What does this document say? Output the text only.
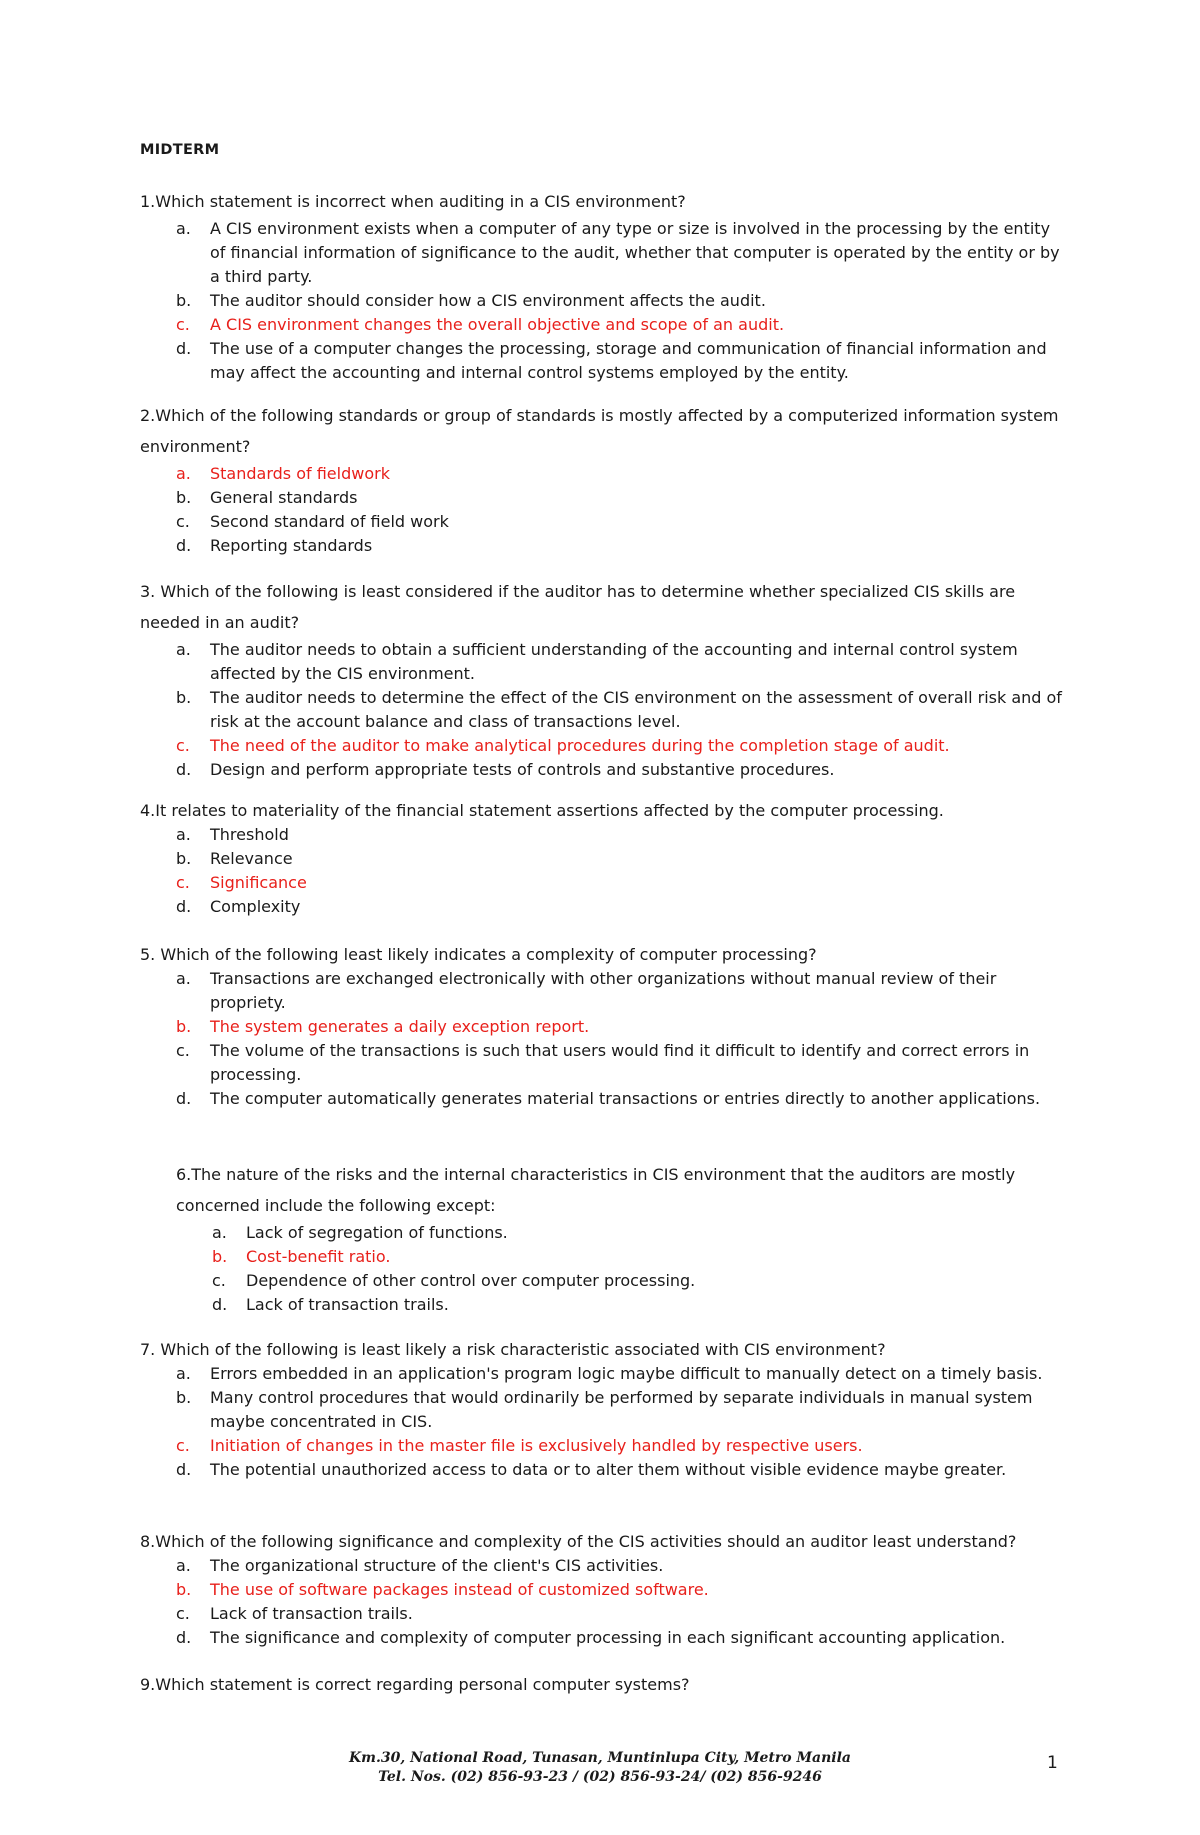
MIDTERM

1.Which statement is incorrect when auditing in a CIS environment?

a. A CIS environment exists when a computer of any type or size is involved in the processing by the entity of financial information of significance to the audit, whether that computer is operated by the entity or by a third party.
b. The auditor should consider how a CIS environment affects the audit.
c. A CIS environment changes the overall objective and scope of an audit.
d. The use of a computer changes the processing, storage and communication of financial information and may affect the accounting and internal control systems employed by the entity.

2.Which of the following standards or group of standards is mostly affected by a computerized information system environment?

a. Standards of fieldwork
b. General standards
c. Second standard of field work
d. Reporting standards

3. Which of the following is least considered if the auditor has to determine whether specialized CIS skills are needed in an audit?

a. The auditor needs to obtain a sufficient understanding of the accounting and internal control system affected by the CIS environment.
b. The auditor needs to determine the effect of the CIS environment on the assessment of overall risk and of risk at the account balance and class of transactions level.
c. The need of the auditor to make analytical procedures during the completion stage of audit.
d. Design and perform appropriate tests of controls and substantive procedures.

4.It relates to materiality of the financial statement assertions affected by the computer processing.

a. Threshold
b. Relevance
c. Significance
d. Complexity

5. Which of the following least likely indicates a complexity of computer processing?

a. Transactions are exchanged electronically with other organizations without manual review of their propriety.
b. The system generates a daily exception report.
c. The volume of the transactions is such that users would find it difficult to identify and correct errors in processing.
d. The computer automatically generates material transactions or entries directly to another applications.

6.The nature of the risks and the internal characteristics in CIS environment that the auditors are mostly concerned include the following except:

a. Lack of segregation of functions.
b. Cost-benefit ratio.
c. Dependence of other control over computer processing.
d. Lack of transaction trails.

7. Which of the following is least likely a risk characteristic associated with CIS environment?

a. Errors embedded in an application's program logic maybe difficult to manually detect on a timely basis.
b. Many control procedures that would ordinarily be performed by separate individuals in manual system maybe concentrated in CIS.
c. Initiation of changes in the master file is exclusively handled by respective users.
d. The potential unauthorized access to data or to alter them without visible evidence maybe greater.

8.Which of the following significance and complexity of the CIS activities should an auditor least understand?

a. The organizational structure of the client's CIS activities.
b. The use of software packages instead of customized software.
c. Lack of transaction trails.
d. The significance and complexity of computer processing in each significant accounting application.

9.Which statement is correct regarding personal computer systems?

Km.30, National Road, Tunasan, Muntinlupa City, Metro Manila
Tel. Nos. (02) 856-93-23 / (02) 856-93-24/ (02) 856-9246
1
